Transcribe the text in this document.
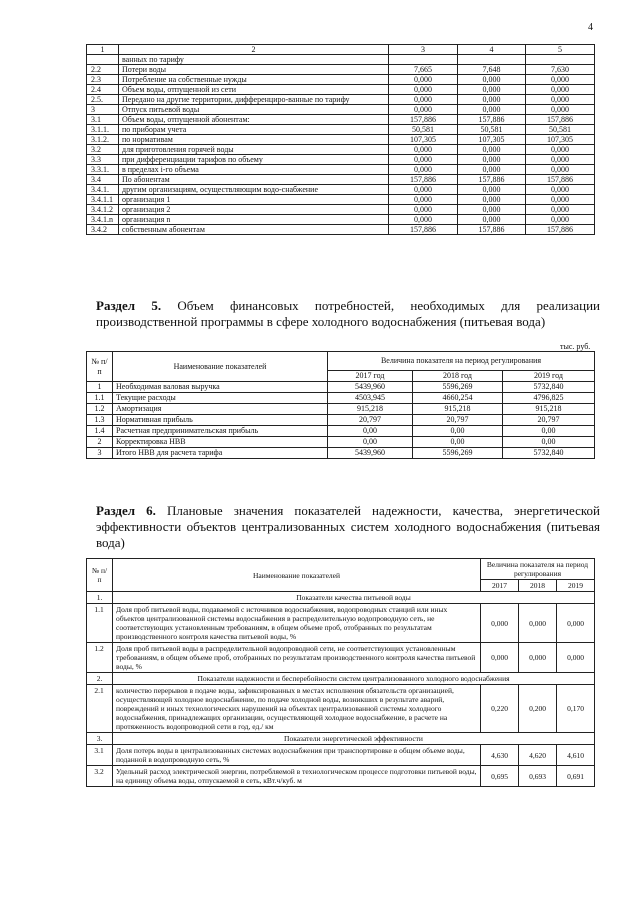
4
1	2	3	4	5
	ванных по тарифу			
2.2	Потери воды	7,665	7,648	7,630
2.3	Потребление на собственные нужды	0,000	0,000	0,000
2.4	Объем воды, отпущенной из сети	0,000	0,000	0,000
2.5.	Передано на другие территории, дифференциро-ванные по тарифу	0,000	0,000	0,000
3	Отпуск питьевой воды	0,000	0,000	0,000
3.1	Объем воды, отпущенной абонентам:	157,886	157,886	157,886
3.1.1.	по приборам учета	50,581	50,581	50,581
3.1.2.	по нормативам	107,305	107,305	107,305
3.2	для приготовления горячей воды	0,000	0,000	0,000
3.3	при дифференциации тарифов по объему	0,000	0,000	0,000
3.3.1.	в пределах i-го объема	0,000	0,000	0,000
3.4	По абонентам	157,886	157,886	157,886
3.4.1.	другим организациям, осуществляющим водо-снабжение	0,000	0,000	0,000
3.4.1.1	организация 1	0,000	0,000	0,000
3.4.1.2	организация 2	0,000	0,000	0,000
3.4.1.n	организация n	0,000	0,000	0,000
3.4.2	собственным абонентам	157,886	157,886	157,886
Раздел 5. Объем финансовых потребностей, необходимых для реализации производственной программы в сфере холодного водоснабжения (питьевая вода)
тыс. руб.
№ п/п	Наименование показателей	Величина показателя на период регулирования		
		2017 год	2018 год	2019 год
1	Необходимая валовая выручка	5439,960	5596,269	5732,840
1.1	Текущие расходы	4503,945	4660,254	4796,825
1.2	Амортизация	915,218	915,218	915,218
1.3	Нормативная прибыль	20,797	20,797	20,797
1.4	Расчетная предпринимательская прибыль	0,00	0,00	0,00
2	Корректировка НВВ	0,00	0,00	0,00
3	Итого НВВ для расчета тарифа	5439,960	5596,269	5732,840
Раздел 6. Плановые значения показателей надежности, качества, энергетической эффективности объектов централизованных систем холодного водоснабжения (питьевая вода)
№ п/п	Наименование показателей	Величина показателя на период регулирования		
		2017	2018	2019
1.	Показатели качества питьевой воды			
1.1	Доля проб питьевой воды, подаваемой с источников водоснабжения, водопроводных станций или иных объектов централизованной системы водоснабжения в распределительную водопроводную сеть, не соответствующих установленным требованиям, в общем объеме проб, отобранных по результатам производственного контроля качества питьевой воды, %	0,000	0,000	0,000
1.2	Доля проб питьевой воды в распределительной водопроводной сети, не соответствующих установленным требованиям, в общем объеме проб, отобранных по результатам производственного контроля качества питьевой воды, %	0,000	0,000	0,000
2.	Показатели надежности и бесперебойности систем централизованного холодного водоснабжения			
2.1	количество перерывов в подаче воды, зафиксированных в местах исполнения обязательств организацией, осуществляющей холодное водоснабжение, по подаче холодной воды, возникших в результате аварий, повреждений и иных технологических нарушений на объектах централизованной системы холодного водоснабжения, принадлежащих организации, осуществляющей холодное водоснабжение, в расчете на протяженность водопроводной сети в год, ед./ км	0,220	0,200	0,170
3.	Показатели энергетической эффективности			
3.1	Доля потерь воды в централизованных системах водоснабжения при транспортировке в общем объеме воды, поданной в водопроводную сеть, %	4,630	4,620	4,610
3.2	Удельный расход электрической энергии, потребляемой в технологическом процессе подготовки питьевой воды, на единицу объема воды, отпускаемой в сеть, кВт.ч/куб. м	0,695	0,693	0,691
